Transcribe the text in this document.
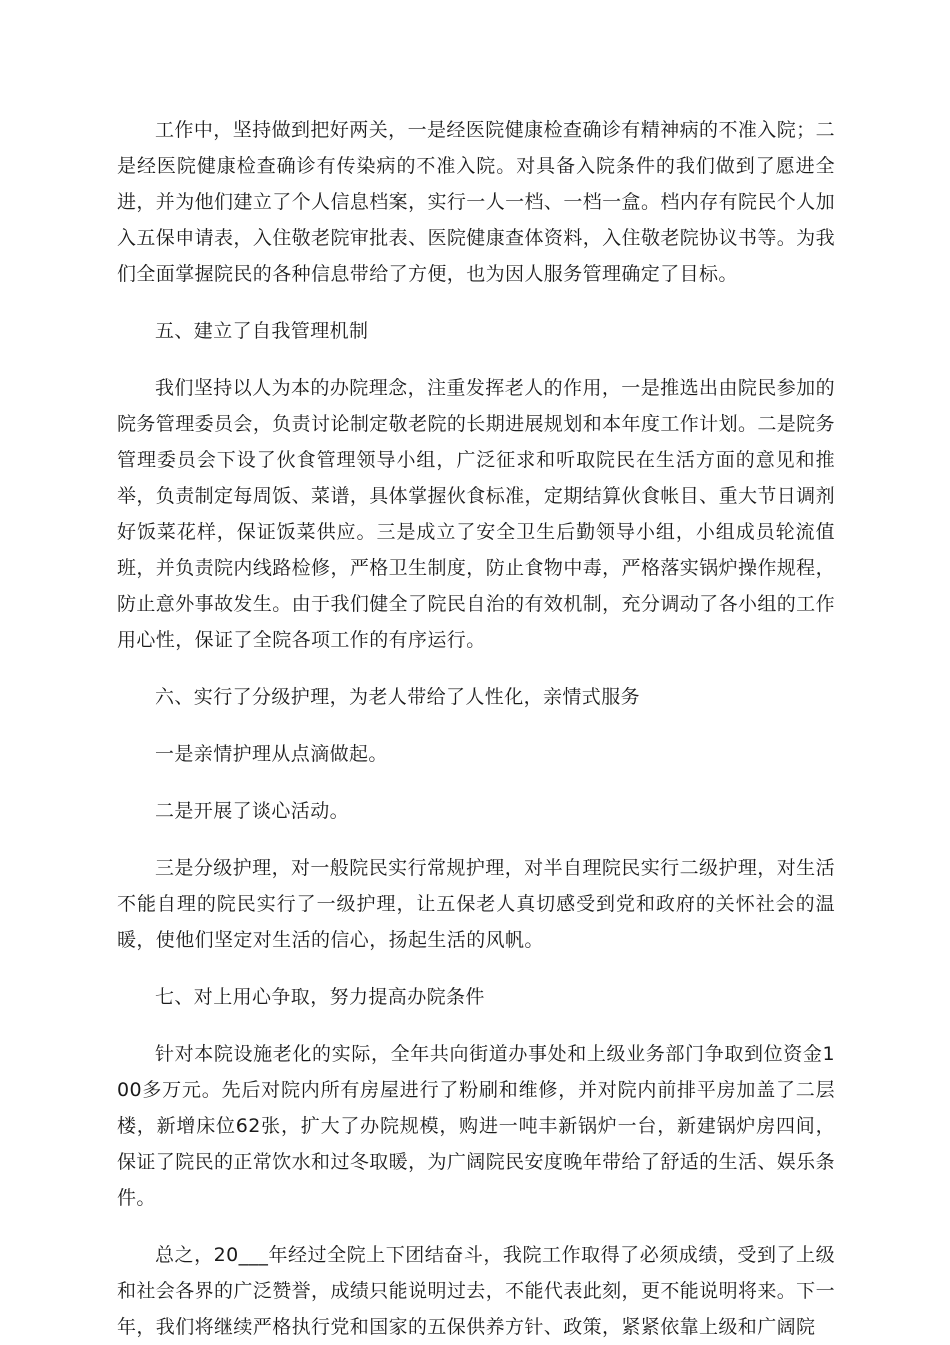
工作中，坚持做到把好两关，一是经医院健康检查确诊有精神病的不准入院；二是经医院健康检查确诊有传染病的不准入院。对具备入院条件的我们做到了愿进全进，并为他们建立了个人信息档案，实行一人一档、一档一盒。档内存有院民个人加入五保申请表，入住敬老院审批表、医院健康查体资料，入住敬老院协议书等。为我们全面掌握院民的各种信息带给了方便，也为因人服务管理确定了目标。

五、建立了自我管理机制

我们坚持以人为本的办院理念，注重发挥老人的作用，一是推选出由院民参加的院务管理委员会，负责讨论制定敬老院的长期进展规划和本年度工作计划。二是院务管理委员会下设了伙食管理领导小组，广泛征求和听取院民在生活方面的意见和推举，负责制定每周饭、菜谱，具体掌握伙食标准，定期结算伙食帐目、重大节日调剂好饭菜花样，保证饭菜供应。三是成立了安全卫生后勤领导小组，小组成员轮流值班，并负责院内线路检修，严格卫生制度，防止食物中毒，严格落实锅炉操作规程，防止意外事故发生。由于我们健全了院民自治的有效机制，充分调动了各小组的工作用心性，保证了全院各项工作的有序运行。

六、实行了分级护理，为老人带给了人性化，亲情式服务

一是亲情护理从点滴做起。

二是开展了谈心活动。

三是分级护理，对一般院民实行常规护理，对半自理院民实行二级护理，对生活不能自理的院民实行了一级护理，让五保老人真切感受到党和政府的关怀社会的温暖，使他们坚定对生活的信心，扬起生活的风帆。

七、对上用心争取，努力提高办院条件

针对本院设施老化的实际，全年共向街道办事处和上级业务部门争取到位资金100多万元。先后对院内所有房屋进行了粉刷和维修，并对院内前排平房加盖了二层楼，新增床位62张，扩大了办院规模，购进一吨丰新锅炉一台，新建锅炉房四间，保证了院民的正常饮水和过冬取暖，为广阔院民安度晚年带给了舒适的生活、娱乐条件。

总之，20___年经过全院上下团结奋斗，我院工作取得了必须成绩，受到了上级和社会各界的广泛赞誉，成绩只能说明过去，不能代表此刻，更不能说明将来。下一年，我们将继续严格执行党和国家的五保供养方针、政策，紧紧依靠上级和广阔院
